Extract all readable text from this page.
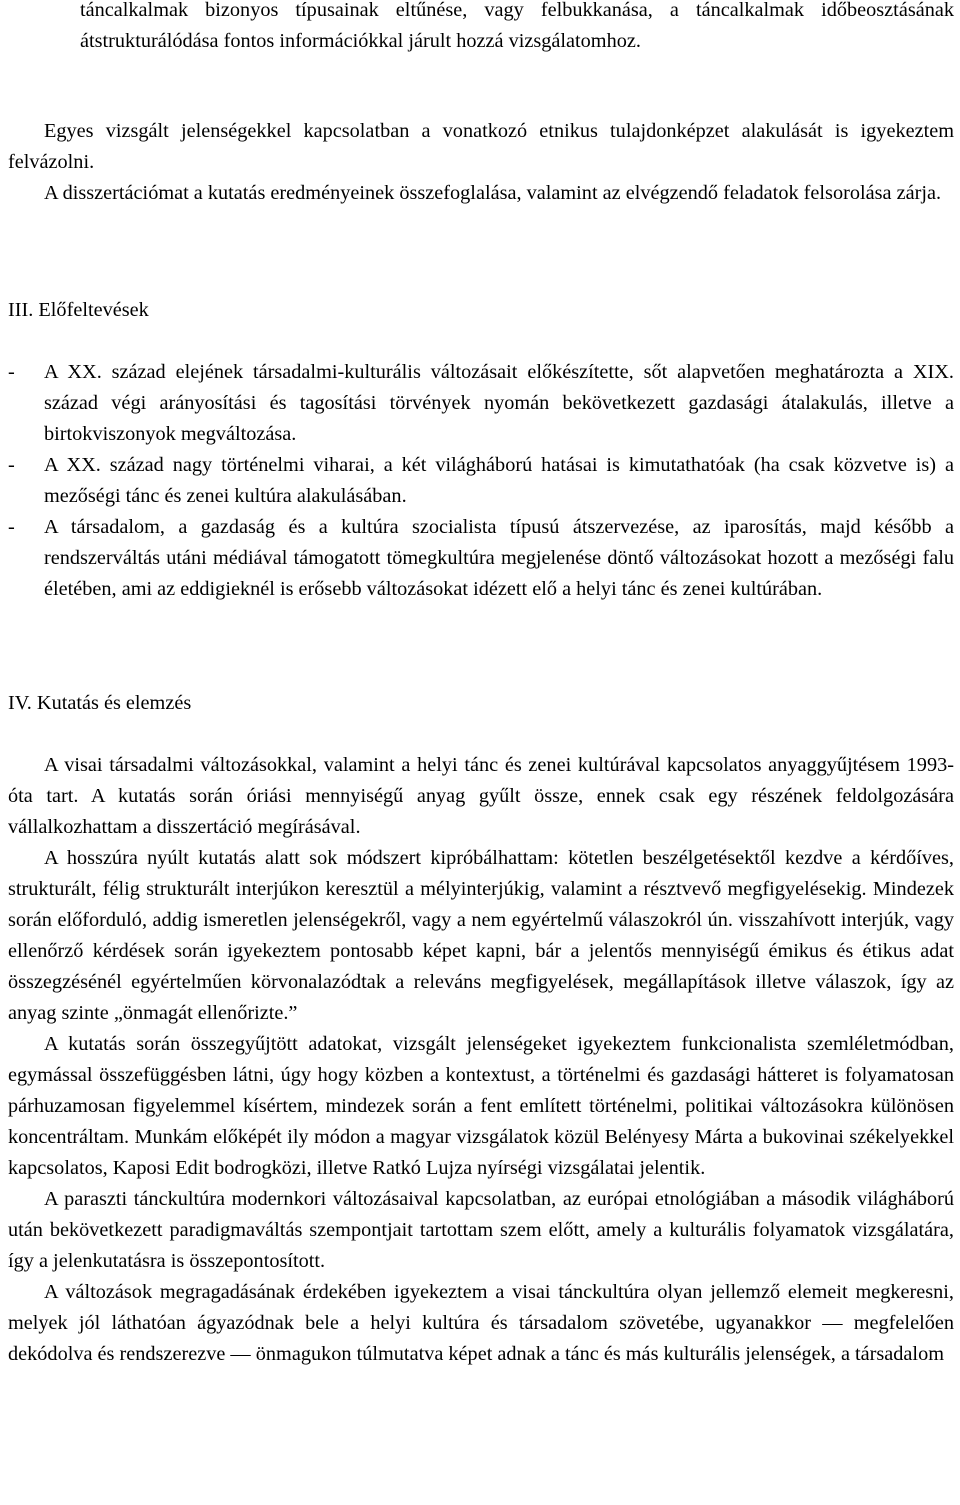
táncalkalmak bizonyos típusainak eltűnése, vagy felbukkanása, a táncalkalmak időbeosztásának átstrukturálódása fontos információkkal járult hozzá vizsgálatomhoz.

Egyes vizsgált jelenségekkel kapcsolatban a vonatkozó etnikus tulajdonképzet alakulását is igyekeztem felvázolni.

A disszertációmat a kutatás eredményeinek összefoglalása, valamint az elvégzendő feladatok felsorolása zárja.

III. Előfeltevések
- A XX. század elejének társadalmi-kulturális változásait előkészítette, sőt alapvetően meghatározta a XIX. század végi arányosítási és tagosítási törvények nyomán bekövetkezett gazdasági átalakulás, illetve a birtokviszonyok megváltozása.
- A XX. század nagy történelmi viharai, a két világháború hatásai is kimutathatóak (ha csak közvetve is) a mezőségi tánc és zenei kultúra alakulásában.
- A társadalom, a gazdaság és a kultúra szocialista típusú átszervezése, az iparosítás, majd később a rendszerváltás utáni médiával támogatott tömegkultúra megjelenése döntő változásokat hozott a mezőségi falu életében, ami az eddigieknél is erősebb változásokat idézett elő a helyi tánc és zenei kultúrában.
IV. Kutatás és elemzés

A visai társadalmi változásokkal, valamint a helyi tánc és zenei kultúrával kapcsolatos anyaggyűjtésem 1993-óta tart. A kutatás során óriási mennyiségű anyag gyűlt össze, ennek csak egy részének feldolgozására vállalkozhattam a disszertáció megírásával.

A hosszúra nyúlt kutatás alatt sok módszert kipróbálhattam: kötetlen beszélgetésektől kezdve a kérdőíves, strukturált, félig strukturált interjúkon keresztül a mélyinterjúkig, valamint a résztvevő megfigyelésekig. Mindezek során előforduló, addig ismeretlen jelenségekről, vagy a nem egyértelmű válaszokról ún. visszahívott interjúk, vagy ellenőrző kérdések során igyekeztem pontosabb képet kapni, bár a jelentős mennyiségű émikus és étikus adat összegzésénél egyértelműen körvonalazódtak a releváns megfigyelések, megállapítások illetve válaszok, így az anyag szinte „önmagát ellenőrizte.”

A kutatás során összegyűjtött adatokat, vizsgált jelenségeket igyekeztem funkcionalista szemléletmódban, egymással összefüggésben látni, úgy hogy közben a kontextust, a történelmi és gazdasági hátteret is folyamatosan párhuzamosan figyelemmel kísértem, mindezek során a fent említett történelmi, politikai változásokra különösen koncentráltam. Munkám előképét ily módon a magyar vizsgálatok közül Belényesy Márta a bukovinai székelyekkel kapcsolatos, Kaposi Edit bodrogközi, illetve Ratkó Lujza nyírségi vizsgálatai jelentik.

A paraszti tánckultúra modernkori változásaival kapcsolatban, az európai etnológiában a második világháború után bekövetkezett paradigmaváltás szempontjait tartottam szem előtt, amely a kulturális folyamatok vizsgálatára, így a jelenkutatásra is összepontosított.

A változások megragadásának érdekében igyekeztem a visai tánckultúra olyan jellemző elemeit megkeresni, melyek jól láthatóan ágyazódnak bele a helyi kultúra és társadalom szövetébe, ugyanakkor — megfelelően dekódolva és rendszerezve — önmagukon túlmutatva képet adnak a tánc és más kulturális jelenségek, a társadalom
